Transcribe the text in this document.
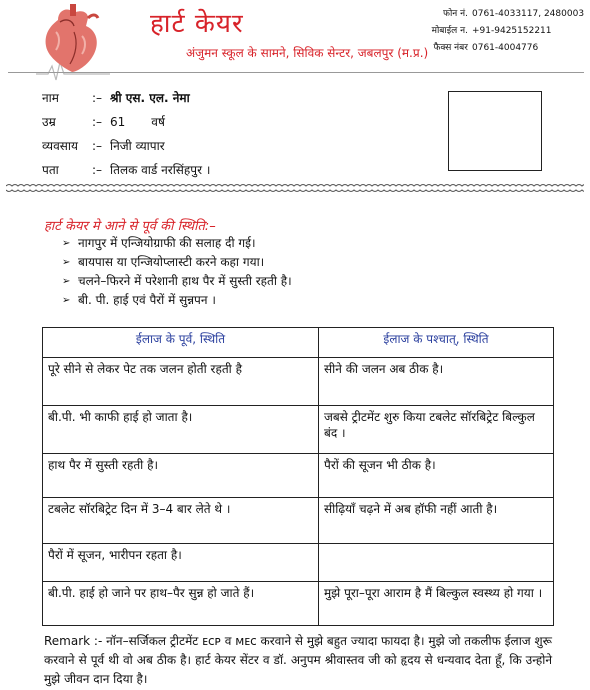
हार्ट केयर
अंजुमन स्कूल के सामने, सिविक सेन्टर, जबलपुर (म.प्र.)
फोन नं. 0761-4033117, 2480003
मोबाईल न. +91-9425152211
फैक्स नंबर 0761-4004776
नाम	:– श्री एस. एल. नेमा
उम्र	:– 61 वर्ष
व्यवसाय	:– निजी व्यापार
पता	:– तिलक वार्ड नरसिंहपुर ।
हार्ट केयर मे आने से पूर्व की स्थिति:–
➢ नागपुर में एन्जियोग्राफी की सलाह दी गई।
➢ बायपास या एन्जियोप्लास्टी करने कहा गया।
➢ चलने–फिरने में परेशानी हाथ पैर में सुस्ती रहती है।
➢ बी. पी. हाई एवं पैरों में सुन्नपन ।
ईलाज के पूर्व, स्थिति	ईलाज के पश्चात्, स्थिति
पूरे सीने से लेकर पेट तक जलन होती रहती है	सीने की जलन अब ठीक है।
बी.पी. भी काफी हाई हो जाता है।	जबसे ट्रीटमेंट शुरु किया टबलेट सॉरबिट्रेट बिल्कुल बंद ।
हाथ पैर में सुस्ती रहती है।	पैरों की सूजन भी ठीक है।
टबलेट सॉरबिट्रेट दिन में 3–4 बार लेते थे ।	सीढ़ियाँ चढ़ने में अब हॉफी नहीं आती है।
पैरों में सूजन, भारीपन रहता है।	
बी.पी. हाई हो जाने पर हाथ–पैर सुन्न हो जाते हैं।	मुझे पूरा–पूरा आराम है मैं बिल्कुल स्वस्थ्य हो गया ।
Remark :- नॉन–सर्जिकल ट्रीटमेंट ᴇᴄᴘ व ᴍᴇᴄ करवाने से मुझे बहुत ज्यादा फायदा है। मुझे जो तकलीफ ईलाज शुरू करवाने से पूर्व थी वो अब ठीक है। हार्ट केयर सेंटर व डॉ. अनुपम श्रीवास्तव जी को हृदय से धन्यवाद देता हूँ, कि उन्होने मुझे जीवन दान दिया है।
